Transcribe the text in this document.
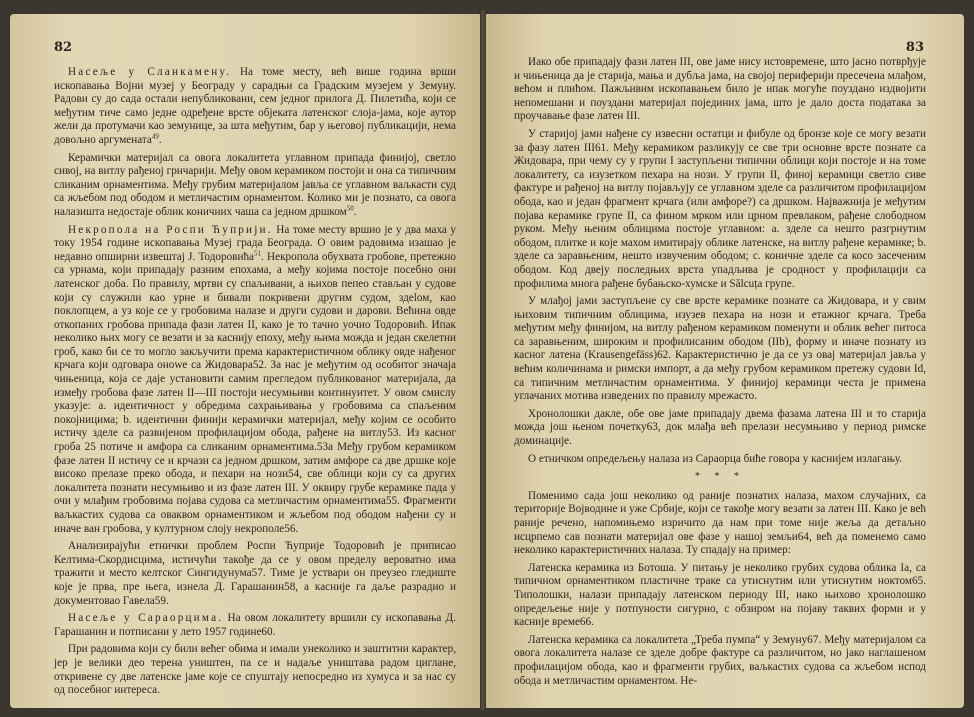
82

Насеље у Сланкамену. На томе месту, већ више година врши ископавања Војни музеј у Београду у сарадњи са Градским музејем у Земуну. Радови су до сада остали непубликовани, сем једног прилога Д. Пилетића, који се међутим тиче само једне одређене врсте објеката латенског слоја-јама, које аутор жели да протумачи као земунице, за шта међутим, бар у његовој публикацији, нема довољно аргумената$^{49}$.

Керамички материјал са овога локалитета углавном припада финијој, светло сивој, на витлу рађеној грнчарији. Међу овом керамиком постоји и она са типичним сликаним орнаментима. Међу грубим материјалом јавља се углавном ваљкасти суд са жљебом под ободом и метличастим орнаментом. Колико ми је познато, са овога налазишта недостаје облик коничних чаша са једном дршком$^{50}$.

Некропола на Роспи Ћуприји. На томе месту вршио је у два маха у току 1954 године ископавања Музеј града Београда. О овим радовима изашао је недавно опширни извештај Ј. Тодоровића$^{51}$. Некропола обухвата гробове, претежно са урнама, који припадају разним епохама, а међу којима постоје посебно они латенског доба. По правилу, мртви су спаљивани, а њихов пепео стављан у судове који су служили као урне и бивали покривени другим судом, здelом, као поклопцем, а уз које се у гробовима налазе и други судови и дарови. Већина овде откопаних гробова припада фази латен II, како је то тачно уочио Тодоровић. Ипак неколико њих могу се везати и за каснију епоху, међу њима можда и један скелетни гроб, како би се то могло закључити према карактеристичном облику овде нађеног крчага који одговара оноwe са Жидовара52. За нас је међутим од особитог значаја чињеница, која се даје установити самим прегледом публикованог материјала, да између гробова фазе латен II—III постоји несумњиви континуитет. У овом смислу указује: а. идентичност у обредима сахрањивања у гробовима са спаљеним покојницима; b. идентични финији керамички материјал, међу којим се особито истичу зделе са развијеном профилацијом обода, рађене на витлу53. Из касног гроба 25 потиче и амфора са сликаним орнаментима.53a Међу грубом керамиком фазе латен II истичу се и крчази са једном дршком, затим амфоре са две дршке које високо прелазе преко обода, и пехари на нози54, све облици који су са других локалитета познати несумњиво и из фазе латен III. У оквиру грубе керамике пада у очи у млађим гробовима појава судова са метличастим орнаментима55. Фрагменти ваљкастих судова са оваквом орнаментиком и жљебом под ободом нађени су и иначе ван гробова, у културном слоју некрополе56.

Анализирајући етнички проблем Роспи Ћуприје Тодоровић је приписао Келтима-Скордисцима, истичући такође да се у овом пределу вероватно има тражити и место келтског Сингидунума57. Тиме је уствари он преузео гледиште које је прва, пре њега, изнела Д. Гарашанин58, а касније га даље разрадио и документовао Гавела59.

Насеље у Сараорцима. На овом локалитету вршили су ископавања Д. Гарашанин и потписани у лето 1957 године60.

При радовима који су били већег обима и имали унеколико и заштитни карактер, јер је велики део терена уништен, па се и надаље уништава радом циглане, откривене су две латенске јаме које се спуштају непосредно из хумуса и за нас су од посебног интереса.

83

Иако обе припадају фази латен III, ове јаме нису истовремене, што јасно потврђује и чињеница да је старија, мања и дубља јама, на својој периферији пресечена млађом, већом и плићом. Пажљивим ископавањем било је ипак могуће поуздано издвојити непомешани и поуздани материјал појединих јама, што је дало доста података за проучавање фазе латен III.

У старијој јами нађене су извесни остатци и фибуле од бронзе које се могу везати за фазу латен III61. Међу керамиком разликују се све три основне врсте познате са Жидовара, при чему су у групи I заступљени типични облици који постоје и на томе локалитету, са изузетком пехара на нози. У групи II, финој керамици светло сиве фактуре и рађеној на витлу појављују се углавном зделе са различитом профилацијом обода, као и један фрагмент крчага (или амфоре?) са дршком. Најважнија је међутим појава керамике групе II, са фином мрком или црном превлаком, рађене слободном руком. Међу њеним облицима постоје углавном: а. зделе са нешто разгрнутим ободом, плитке и које махом имитирају облике латенске, на витлу рађене керамике; b. зделе са заравњеним, нешто извученим ободом; c. коничне зделе са косо засеченим ободом. Код двеју последњих врста упадљива је сродност у профилацији са профилима многа рађене бубањско-хумске и Sălcuța групе.

У млађој јами заступљене су све врсте керамике познате са Жидовара, и у свим њиховим типичним облицима, изузев пехара на нози и етажног крчага. Треба међутим међу финијом, на витлу рађеном керамиком поменути и облик већег питоса са заравњеним, широким и профилисаним ободом (IIb), форму и иначе познату из касног латена (Krausengefäss)62. Карактеристично је да се уз овај материјал јавља у већим количинама и римски импорт, а да међу грубом керамиком претежу судови Id, са типичним метличастим орнаментима. У финијој керамици честа је примена углачаних мотива изведених по правилу мрежасто.

Хронолошки дакле, обе ове јаме припадају двема фазама латена III и то старија можда још њеном почетку63, док млађа већ прелази несумњиво у период римске доминације.

О етничком опредељењу налаза из Сараорца биће говора у каснијем излагању.

* * *

Поменимо сада још неколико од раније познатих налаза, махом случајних, са територије Војводине и уже Србије, који се такође могу везати за латен III. Како је већ раније речено, напомињемо изричито да нам при томе није жеља да детаљно исцрпемо сав познати материјал ове фазе у нашој земљи64, већ да поменемо само неколико карактеристичних налаза. Ту спадају на пример:

Латенска керамика из Ботоша. У питању је неколико грубих судова облика Ia, са типичном орнаментиком пластичне траке са утиснутим или утиснутим ноктом65. Типолошки, налази припадају латенском периоду III, иако њихово хронолошко опредељење није у потпуности сигурно, с обзиром на појаву таквих форми и у касније време66.

Латенска керамика са локалитета „Треба пумпа“ у Земуну67. Међу материјалом са овога локалитета налазе се зделе добре фактуре са различитом, но јако наглашеном профилацијом обода, као и фрагменти грубих, ваљкастих судова са жљебом испод обода и метличастим орнаментом. Не-
